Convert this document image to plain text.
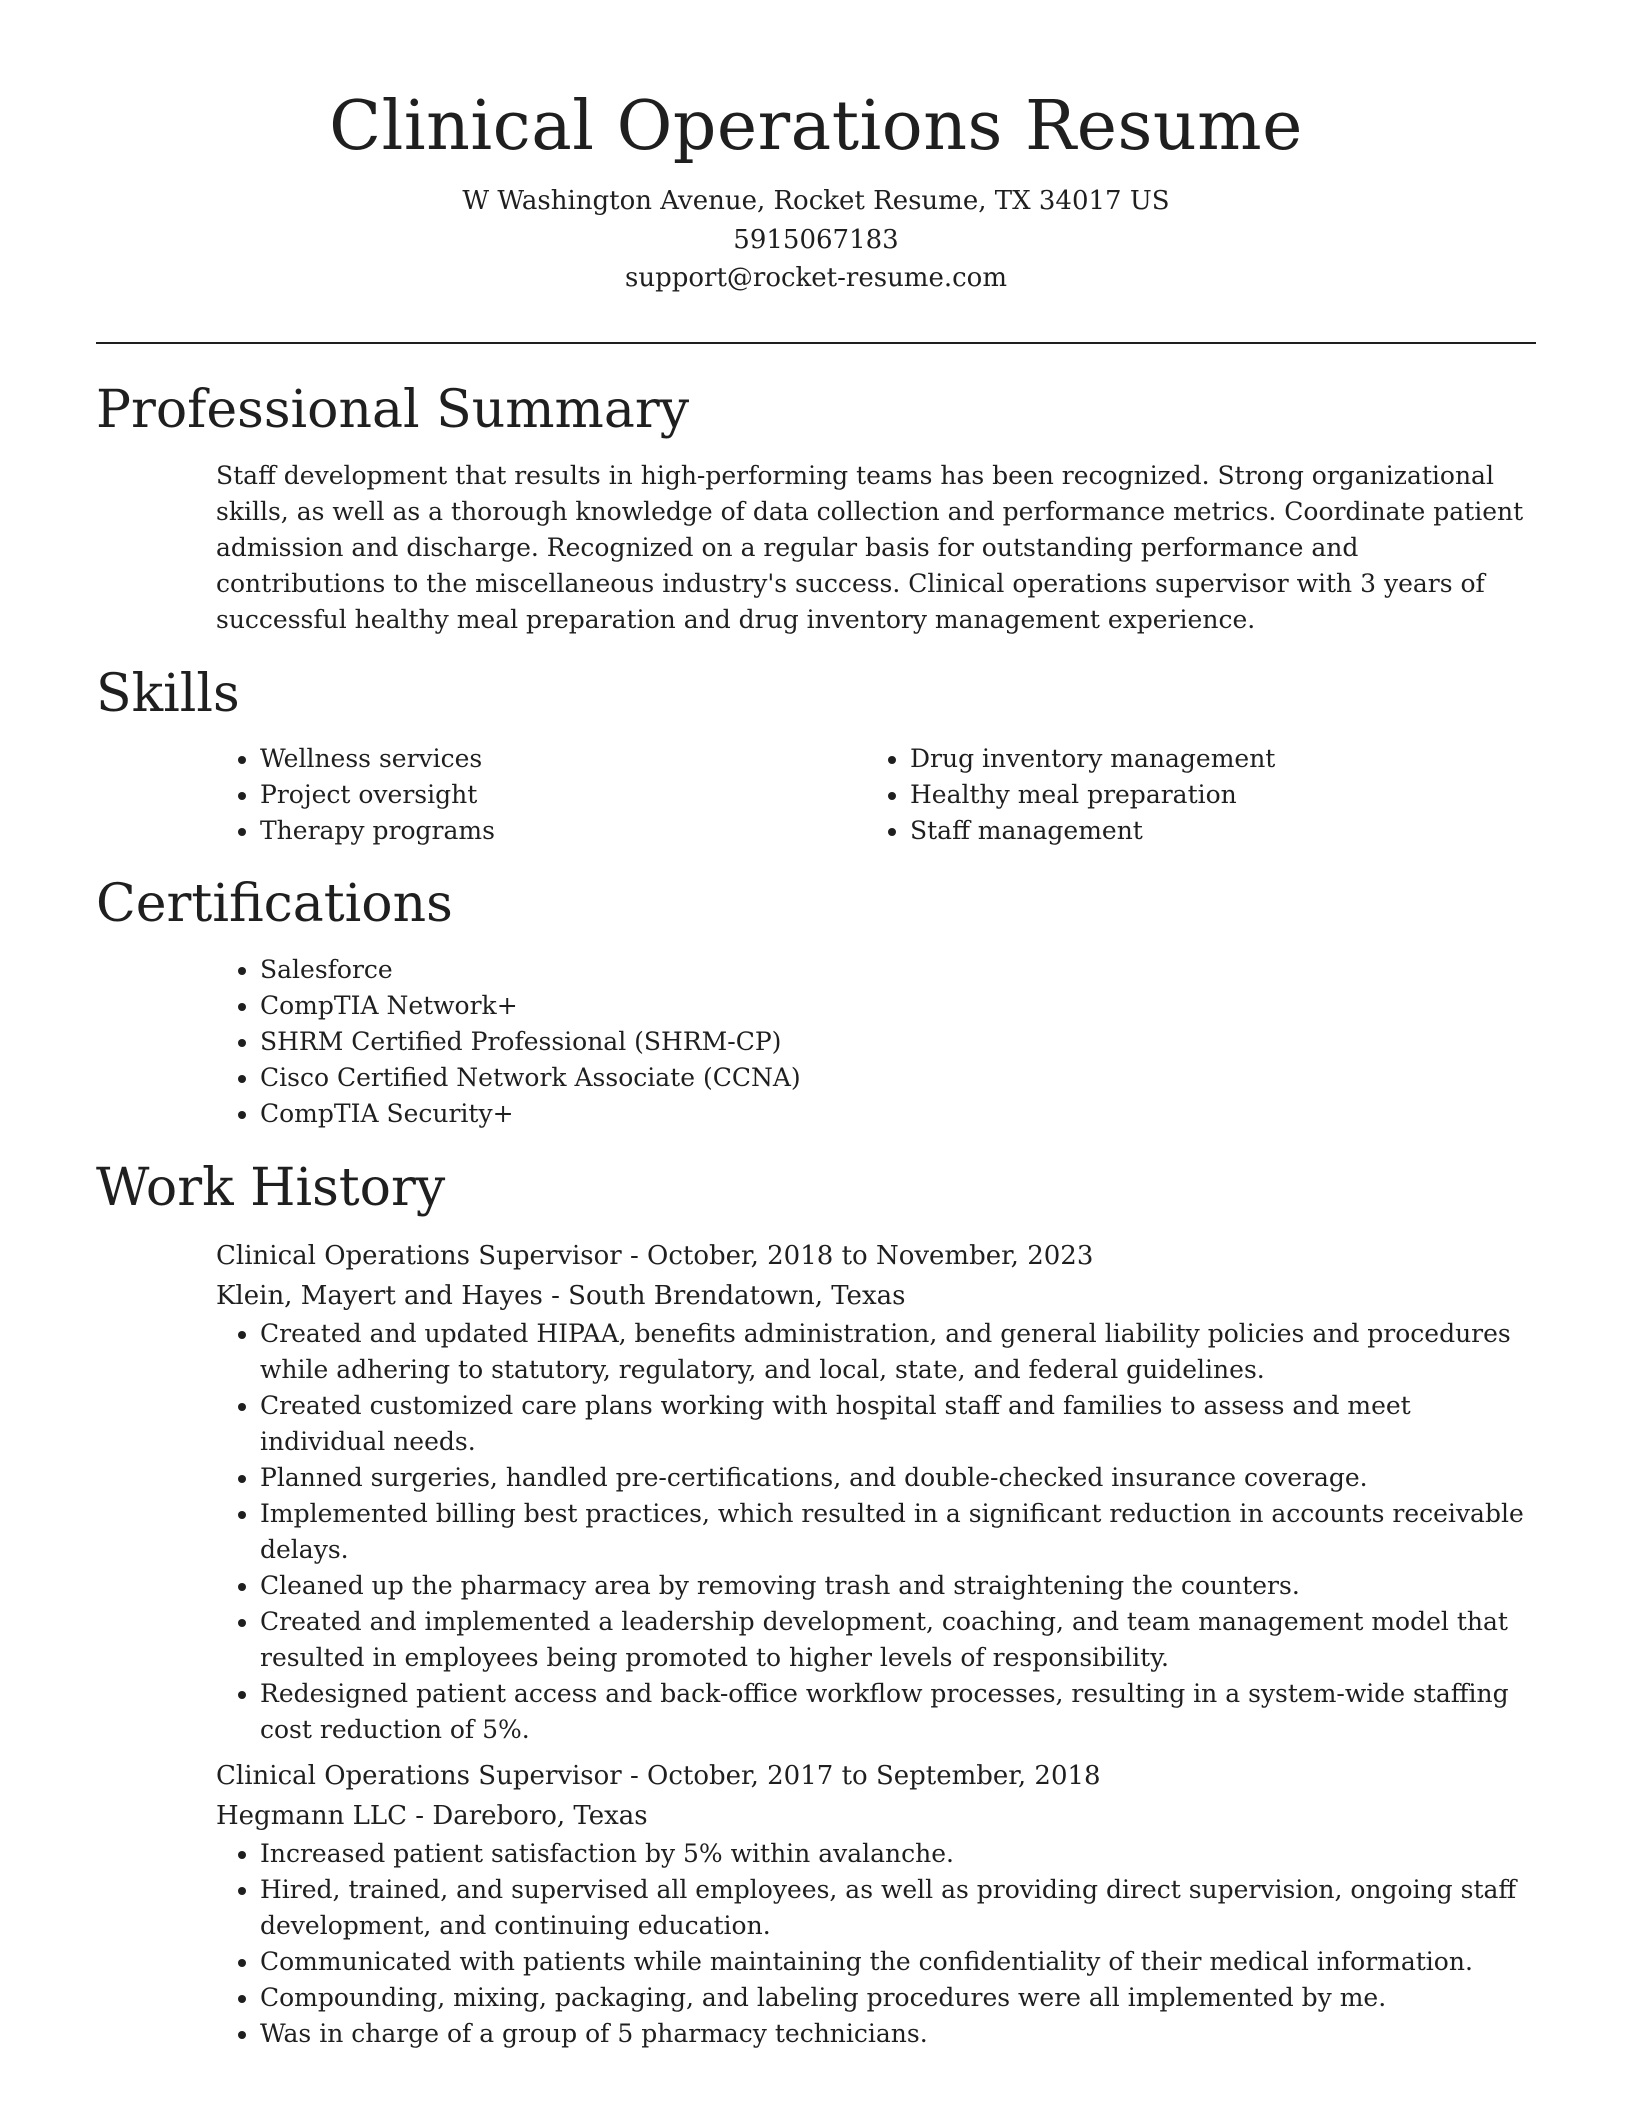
Clinical Operations Resume
W Washington Avenue, Rocket Resume, TX 34017 US
5915067183
support@rocket-resume.com
Professional Summary

Staff development that results in high-performing teams has been recognized. Strong organizational skills, as well as a thorough knowledge of data collection and performance metrics. Coordinate patient admission and discharge. Recognized on a regular basis for outstanding performance and contributions to the miscellaneous industry's success. Clinical operations supervisor with 3 years of successful healthy meal preparation and drug inventory management experience.

Skills
• Wellness services
• Project oversight
• Therapy programs
• Drug inventory management
• Healthy meal preparation
• Staff management
Certifications
• Salesforce
• CompTIA Network+
• SHRM Certified Professional (SHRM-CP)
• Cisco Certified Network Associate (CCNA)
• CompTIA Security+
Work History
Clinical Operations Supervisor - October, 2018 to November, 2023
Klein, Mayert and Hayes - South Brendatown, Texas
• Created and updated HIPAA, benefits administration, and general liability policies and procedures while adhering to statutory, regulatory, and local, state, and federal guidelines.
• Created customized care plans working with hospital staff and families to assess and meet individual needs.
• Planned surgeries, handled pre-certifications, and double-checked insurance coverage.
• Implemented billing best practices, which resulted in a significant reduction in accounts receivable delays.
• Cleaned up the pharmacy area by removing trash and straightening the counters.
• Created and implemented a leadership development, coaching, and team management model that resulted in employees being promoted to higher levels of responsibility.
• Redesigned patient access and back-office workflow processes, resulting in a system-wide staffing cost reduction of 5%.
Clinical Operations Supervisor - October, 2017 to September, 2018
Hegmann LLC - Dareboro, Texas
• Increased patient satisfaction by 5% within avalanche.
• Hired, trained, and supervised all employees, as well as providing direct supervision, ongoing staff development, and continuing education.
• Communicated with patients while maintaining the confidentiality of their medical information.
• Compounding, mixing, packaging, and labeling procedures were all implemented by me.
• Was in charge of a group of 5 pharmacy technicians.
